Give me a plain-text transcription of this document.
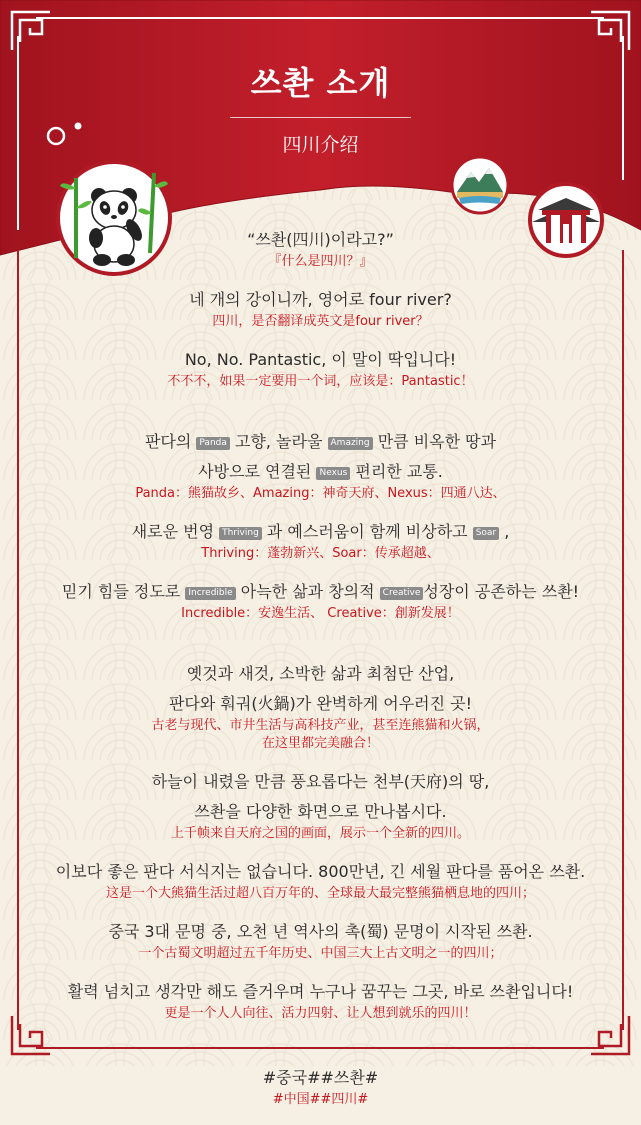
쓰촨 소개
四川介绍
“쓰촨(四川)이라고?”
『什么是四川？』
네 개의 강이니까, 영어로 four river?
四川，是否翻译成英文是four river？
No, No. Pantastic, 이 말이 딱입니다!
不不不，如果一定要用一个词，应该是：Pantastic！
판다의 Panda 고향, 놀라울 Amazing 만큼 비옥한 땅과
사방으로 연결된 Nexus 편리한 교통.
Panda：熊猫故乡、Amazing：神奇天府、Nexus：四通八达、
새로운 번영 Thriving 과 예스러움이 함께 비상하고 Soar ,
Thriving：蓬勃新兴、Soar：传承超越、
믿기 힘들 정도로 Incredible 아늑한 삶과 창의적 Creative 성장이 공존하는 쓰촨!
Incredible：安逸生活、 Creative：創新发展！
옛것과 새것, 소박한 삶과 최첨단 산업,
판다와 훠궈(火鍋)가 완벽하게 어우러진 곳!
古老与现代、市井生活与高科技产业，甚至连熊猫和火锅，
在这里都完美融合！
하늘이 내렸을 만큼 풍요롭다는 천부(天府)의 땅,
쓰촨을 다양한 화면으로 만나봅시다.
上千帧来自天府之国的画面，展示一个全新的四川。
이보다 좋은 판다 서식지는 없습니다. 800만년, 긴 세월 판다를 품어온 쓰촨.
这是一个大熊猫生活过超八百万年的、全球最大最完整熊猫栖息地的四川；
중국 3대 문명 중, 오천 년 역사의 촉(蜀) 문명이 시작된 쓰촨.
一个古蜀文明超过五千年历史、中国三大上古文明之一的四川；
활력 넘치고 생각만 해도 즐거우며 누구나 꿈꾸는 그곳, 바로 쓰촨입니다!
更是一个人人向往、活力四射、让人想到就乐的四川！
#중국##쓰촨#
#中国##四川#
